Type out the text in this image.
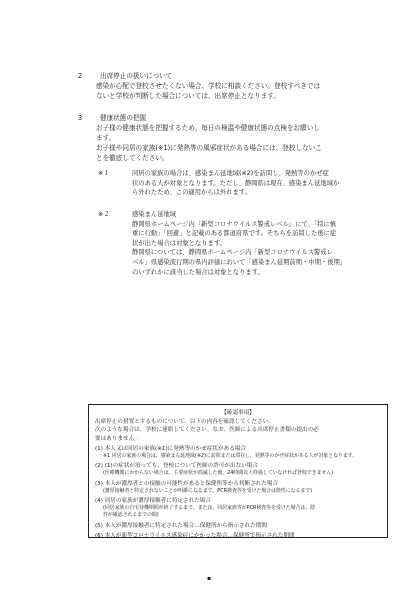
2	出席停止の扱いについて
感染が心配で登校させたくない場合、学校に相談ください。登校すべきでは
ないと学校が判断した場合については、出席停止となります。
3	健康状態の把握
お子様の健康状態を把握するため、毎日の検温や健康状態の点検をお願いし
ます。
お子様や同居の家族(※1)に発熱等の風邪症状がある場合には、登校しないこ
とを徹底してください。
※１	同居の家族の場合は、感染まん延地域(※2)を訪問し、発熱等のかぜ症
状のある人が対象となります。ただし、静岡県は現在、感染まん延地域か
ら外れたため、この適用からは外れます。
※２	感染まん延地域
静岡県ホームページ内「新型コロナウイルス警戒レベル」にて、「特に慎
重に行動」「回避」と記載のある都道府県です。そちらを訪問した後に症
状が出た場合は対象となります。
静岡県については、静岡県ホームページ内「新型コロナウイルス警戒レ
ベル」県感染流行期の県内評価において「感染まん延期前期・中期・後期」
のいずれかに該当した場合は対象となります。
【確認事項】
出席停止の措置とするものについて、以下の内容を確認してください。
次のような場合は、学校に連絡してください。なお、医師による出席停止書類の提出の必
要はありません。
(1) 本人又は同居の家族(※1)に発熱等のかぜ症状がある場合
※1 同居の家族の場合は、感染まん延地域(※2)に訪問または滞在し、発熱等のかぜ症状がある人が対象となります。
(2) (1)の症状が治っても、登校について医師の許可が出ない場合
(医療機関にかからない場合は、主要症状が消滅した後、24時間以上経過していなければ登校できません)
(3) 本人が濃厚者との接触の可能性があると保健所等から判断された場合
(濃厚接触者と特定されないことが明確になるまで。PCR検査等を受けた場合は陰性になるまで)
(4) 同居の家族が濃厚接触者に特定された場合
(同居家族の自宅待機期間が終了するまで。または、同居家族等がPCR検査等を受けた場合は、陰
性が確認されるまでの間)
(5) 本人が濃厚接触者に特定された場合…保健所から指示された期間
(6) 本人が新型コロナウイルス感染症にかかった場合…保健所で指示された期間
▪
